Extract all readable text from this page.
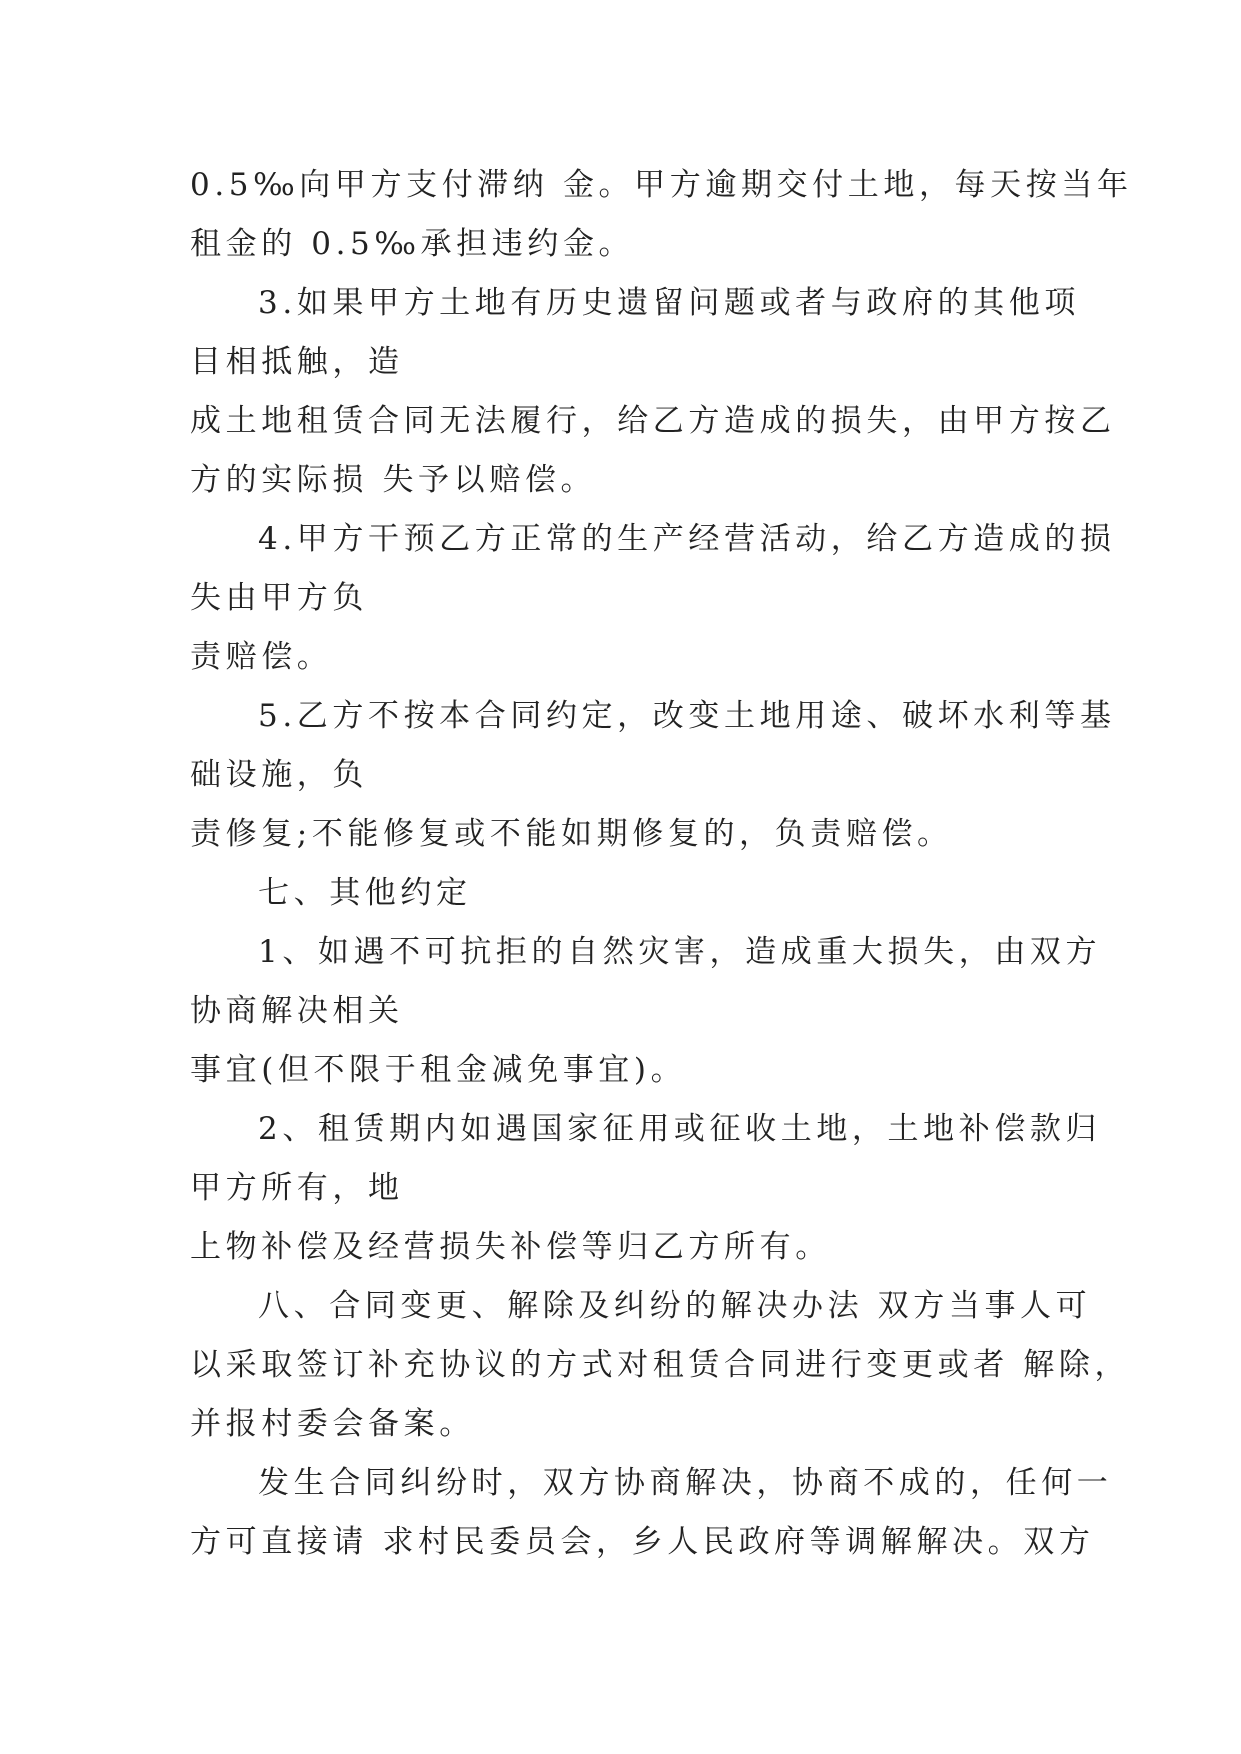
0.5‰向甲方支付滞纳 金。甲方逾期交付土地，每天按当年
租金的 0.5‰承担违约金。
3.如果甲方土地有历史遗留问题或者与政府的其他项
目相抵触，造
成土地租赁合同无法履行，给乙方造成的损失，由甲方按乙
方的实际损 失予以赔偿。
4.甲方干预乙方正常的生产经营活动，给乙方造成的损
失由甲方负
责赔偿。
5.乙方不按本合同约定，改变土地用途、破坏水利等基
础设施，负
责修复;不能修复或不能如期修复的，负责赔偿。
七、其他约定
1、如遇不可抗拒的自然灾害，造成重大损失，由双方
协商解决相关
事宜(但不限于租金减免事宜)。
2、租赁期内如遇国家征用或征收土地，土地补偿款归
甲方所有，地
上物补偿及经营损失补偿等归乙方所有。
八、合同变更、解除及纠纷的解决办法 双方当事人可
以采取签订补充协议的方式对租赁合同进行变更或者 解除，
并报村委会备案。
发生合同纠纷时，双方协商解决，协商不成的，任何一
方可直接请 求村民委员会，乡人民政府等调解解决。双方
